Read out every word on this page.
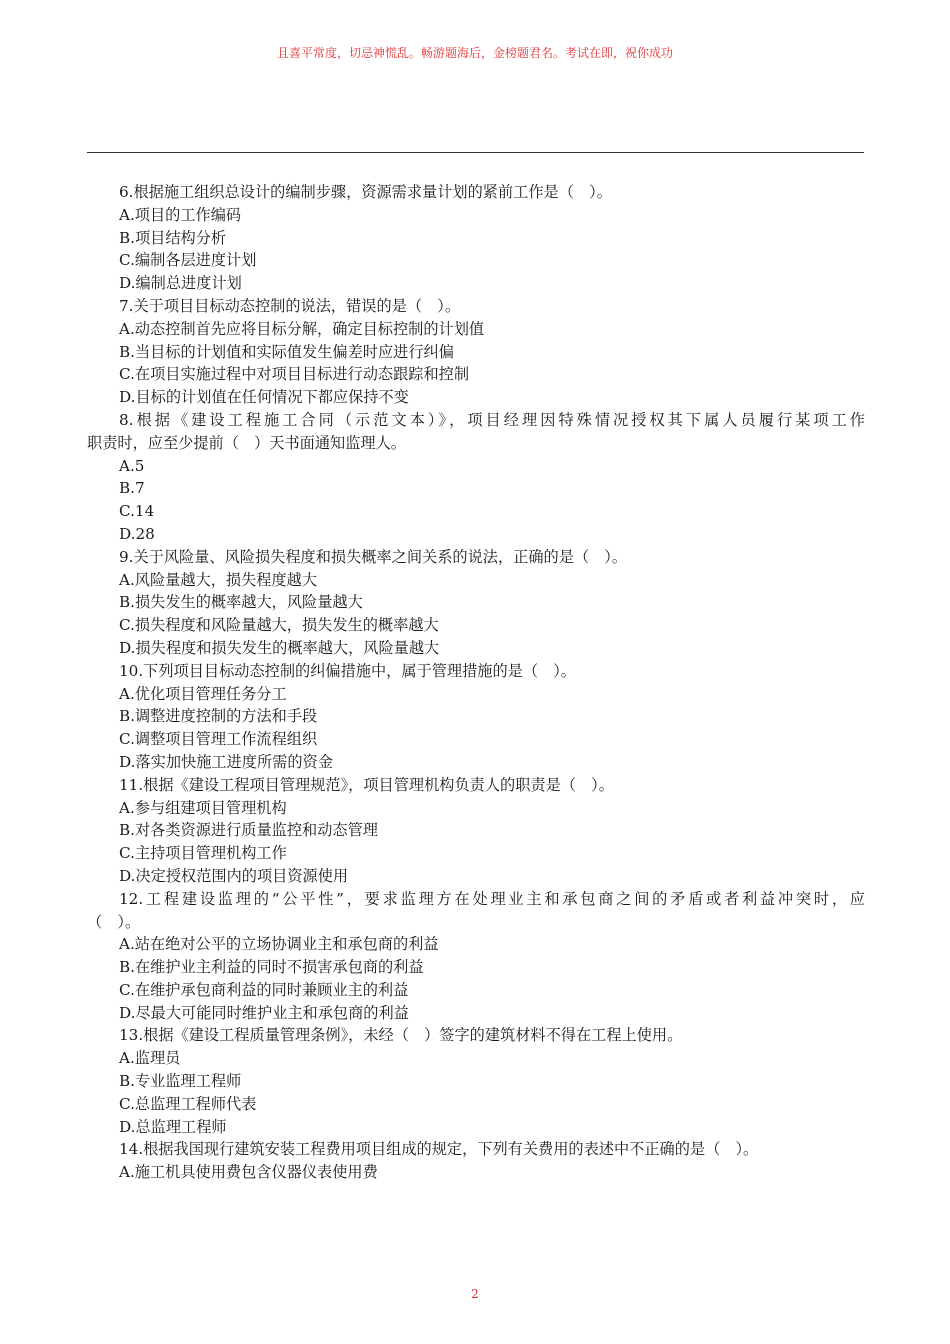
且喜平常度，切忌神慌乱。畅游题海后，金榜题君名。考试在即，祝你成功
6.根据施工组织总设计的编制步骤，资源需求量计划的紧前工作是（　）。
A.项目的工作编码
B.项目结构分析
C.编制各层进度计划
D.编制总进度计划
7.关于项目目标动态控制的说法，错误的是（　）。
A.动态控制首先应将目标分解，确定目标控制的计划值
B.当目标的计划值和实际值发生偏差时应进行纠偏
C.在项目实施过程中对项目目标进行动态跟踪和控制
D.目标的计划值在任何情况下都应保持不变
8.根据《建设工程施工合同（示范文本）》，项目经理因特殊情况授权其下属人员履行某项工作
职责时，应至少提前（　）天书面通知监理人。
A.5
B.7
C.14
D.28
9.关于风险量、风险损失程度和损失概率之间关系的说法，正确的是（　）。
A.风险量越大，损失程度越大
B.损失发生的概率越大，风险量越大
C.损失程度和风险量越大，损失发生的概率越大
D.损失程度和损失发生的概率越大，风险量越大
10.下列项目目标动态控制的纠偏措施中，属于管理措施的是（　）。
A.优化项目管理任务分工
B.调整进度控制的方法和手段
C.调整项目管理工作流程组织
D.落实加快施工进度所需的资金
11.根据《建设工程项目管理规范》，项目管理机构负责人的职责是（　）。
A.参与组建项目管理机构
B.对各类资源进行质量监控和动态管理
C.主持项目管理机构工作
D.决定授权范围内的项目资源使用
12.工程建设监理的“公平性”，要求监理方在处理业主和承包商之间的矛盾或者利益冲突时，应
（　）。
A.站在绝对公平的立场协调业主和承包商的利益
B.在维护业主利益的同时不损害承包商的利益
C.在维护承包商利益的同时兼顾业主的利益
D.尽最大可能同时维护业主和承包商的利益
13.根据《建设工程质量管理条例》，未经（　）签字的建筑材料不得在工程上使用。
A.监理员
B.专业监理工程师
C.总监理工程师代表
D.总监理工程师
14.根据我国现行建筑安装工程费用项目组成的规定，下列有关费用的表述中不正确的是（　）。
A.施工机具使用费包含仪器仪表使用费
2
